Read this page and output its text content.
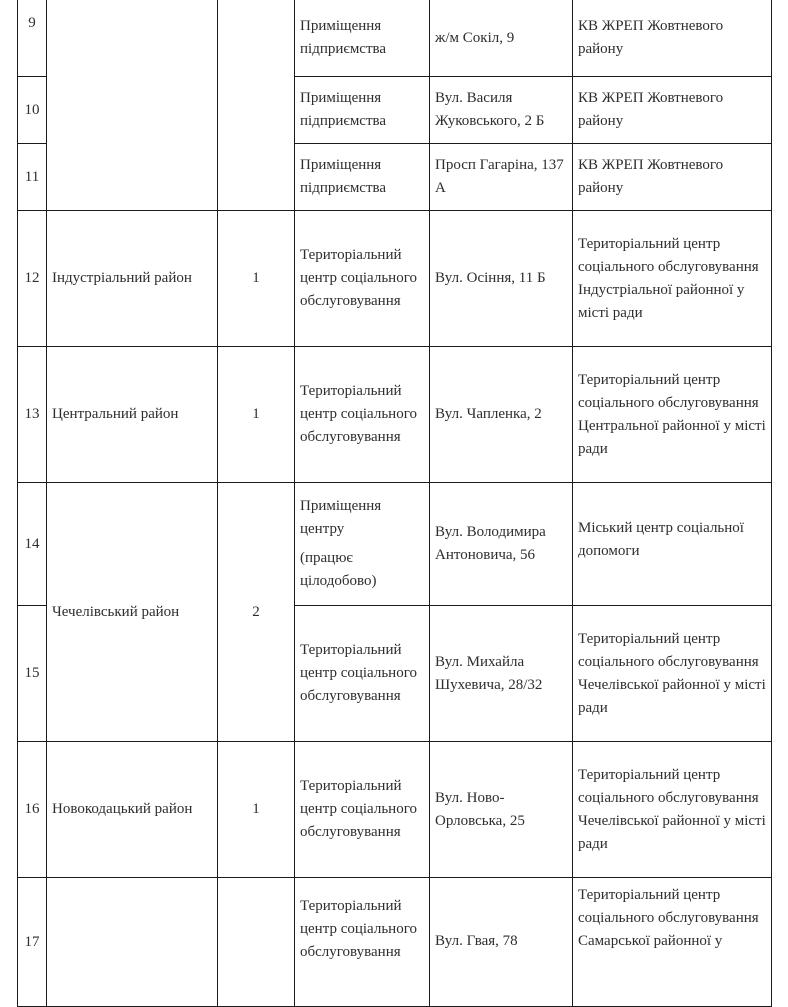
9
10
11
12
13
14
15
16
17
Індустріальний район
Центральний район
Чечелівський район
Новокодацький район
1
1
2
1
Приміщення підприємства
Приміщення підприємства
Приміщення підприємства
Територіальний центр соціального обслуговування
Територіальний центр соціального обслуговування
Приміщення центру
(працює цілодобово)
Територіальний центр соціального обслуговування
Територіальний центр соціального обслуговування
Територіальний центр соціального обслуговування
ж/м Сокіл, 9
Вул. Василя Жуковського, 2 Б
Просп Гагаріна, 137 А
Вул. Осіння, 11 Б
Вул. Чапленка, 2
Вул. Володимира Антоновича, 56
Вул. Михайла Шухевича, 28/32
Вул. Ново-Орловська, 25
Вул. Гвая, 78
КВ ЖРЕП Жовтневого району
КВ ЖРЕП Жовтневого району
КВ ЖРЕП Жовтневого району
Територіальний центр соціального обслуговування Індустріальної районної у місті ради
Територіальний центр соціального обслуговування Центральної районної у місті ради
Міський центр соціальної допомоги
Територіальний центр соціального обслуговування Чечелівської районної у місті ради
Територіальний центр соціального обслуговування Чечелівської районної у місті ради
Територіальний центр соціального обслуговування Самарської районної у
